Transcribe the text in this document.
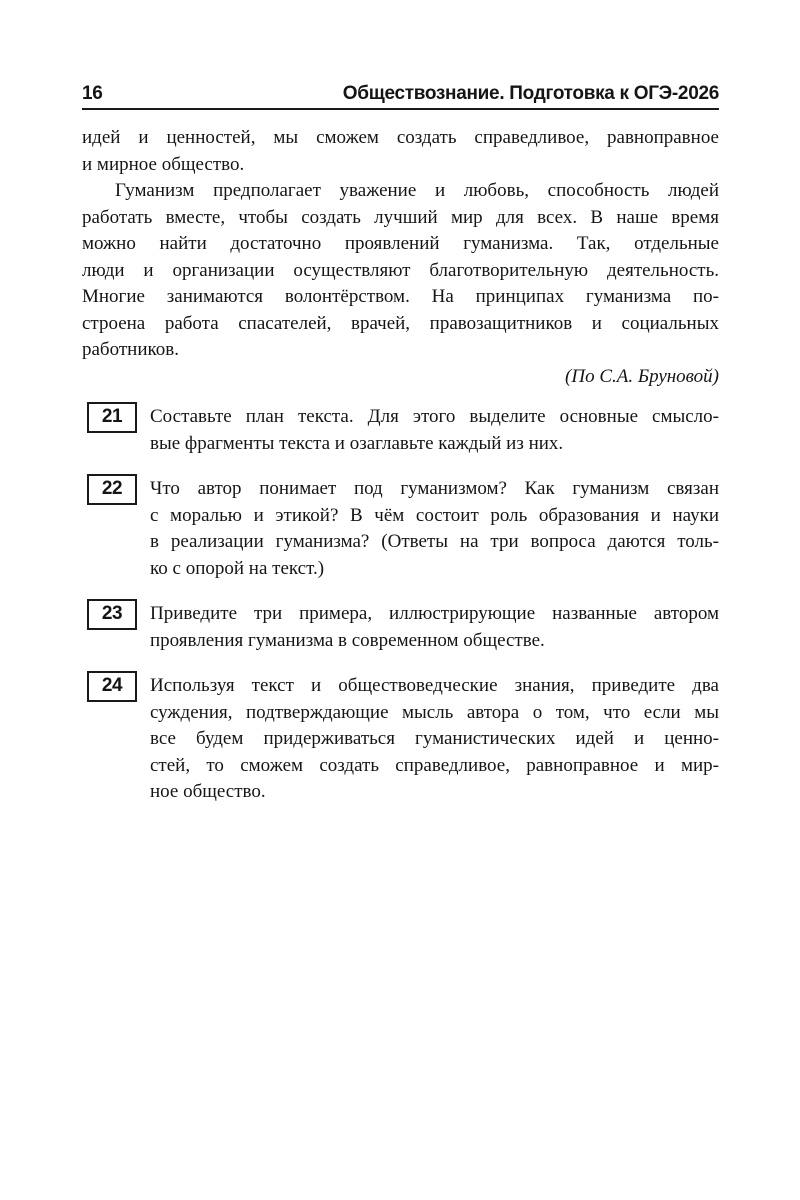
16	Обществознание. Подготовка к ОГЭ-2026
идей и ценностей, мы сможем создать справедливое, равноправное
и мирное общество.
Гуманизм предполагает уважение и любовь, способность людей
работать вместе, чтобы создать лучший мир для всех. В наше время
можно найти достаточно проявлений гуманизма. Так, отдельные
люди и организации осуществляют благотворительную деятельность.
Многие занимаются волонтёрством. На принципах гуманизма по-
строена работа спасателей, врачей, правозащитников и социальных
работников.
(По С.А. Бруновой)
21	Составьте план текста. Для этого выделите основные смысло-
вые фрагменты текста и озаглавьте каждый из них.
22	Что автор понимает под гуманизмом? Как гуманизм связан
с моралью и этикой? В чём состоит роль образования и науки
в реализации гуманизма? (Ответы на три вопроса даются толь-
ко с опорой на текст.)
23	Приведите три примера, иллюстрирующие названные автором
проявления гуманизма в современном обществе.
24	Используя текст и обществоведческие знания, приведите два
суждения, подтверждающие мысль автора о том, что если мы
все будем придерживаться гуманистических идей и ценно-
стей, то сможем создать справедливое, равноправное и мир-
ное общество.
